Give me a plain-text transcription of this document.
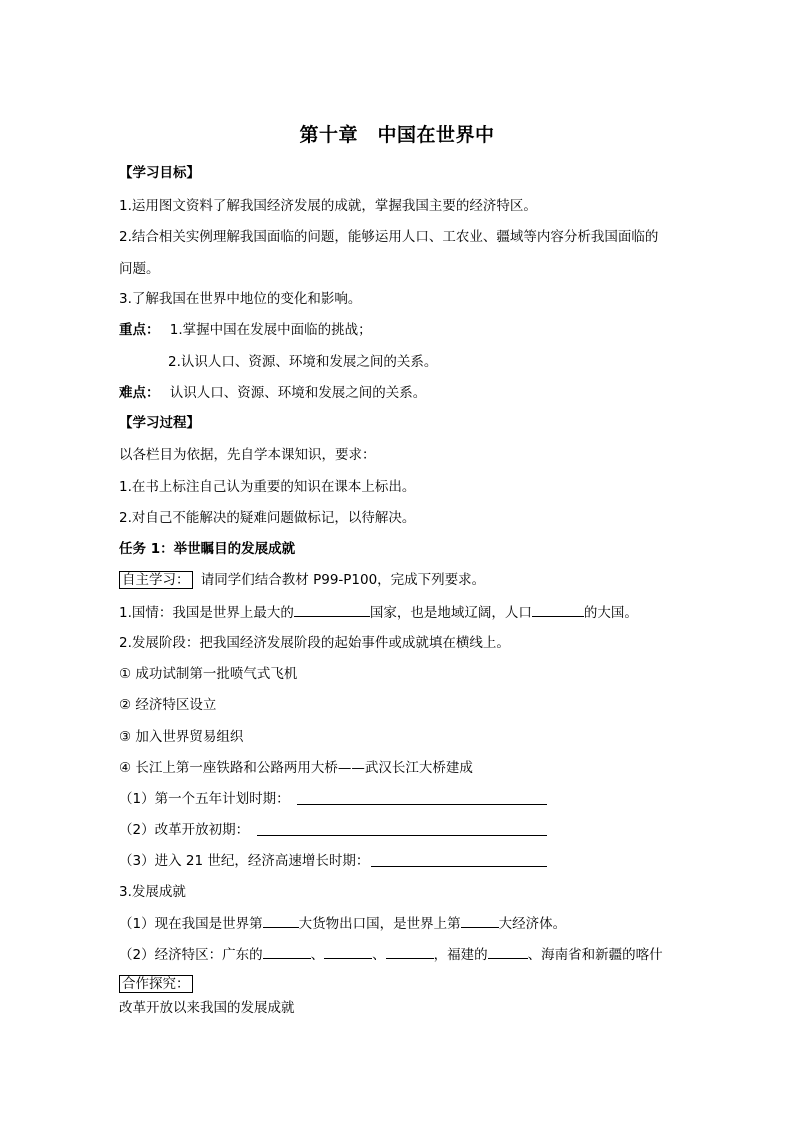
第十章　中国在世界中
【学习目标】
1.运用图文资料了解我国经济发展的成就，掌握我国主要的经济特区。
2.结合相关实例理解我国面临的问题，能够运用人口、工农业、疆域等内容分析我国面临的
问题。
3.了解我国在世界中地位的变化和影响。
重点： 1.掌握中国在发展中面临的挑战；
2.认识人口、资源、环境和发展之间的关系。
难点： 认识人口、资源、环境和发展之间的关系。
【学习过程】
以各栏目为依据，先自学本课知识，要求：
1.在书上标注自己认为重要的知识在课本上标出。
2.对自己不能解决的疑难问题做标记，以待解决。
任务 1：举世瞩目的发展成就
自主学习： 请同学们结合教材 P99-P100，完成下列要求。
1.国情：我国是世界上最大的	国家，也是地域辽阔，人口	的大国。
2.发展阶段：把我国经济发展阶段的起始事件或成就填在横线上。
① 成功试制第一批喷气式飞机
② 经济特区设立
③ 加入世界贸易组织
④ 长江上第一座铁路和公路两用大桥——武汉长江大桥建成
（1）第一个五年计划时期：
（2）改革开放初期：
（3）进入 21 世纪，经济高速增长时期：
3.发展成就
（1）现在我国是世界第	大货物出口国，是世界上第	大经济体。
（2）经济特区：广东的	、	、	，福建的	、海南省和新疆的喀什
合作探究：
改革开放以来我国的发展成就
